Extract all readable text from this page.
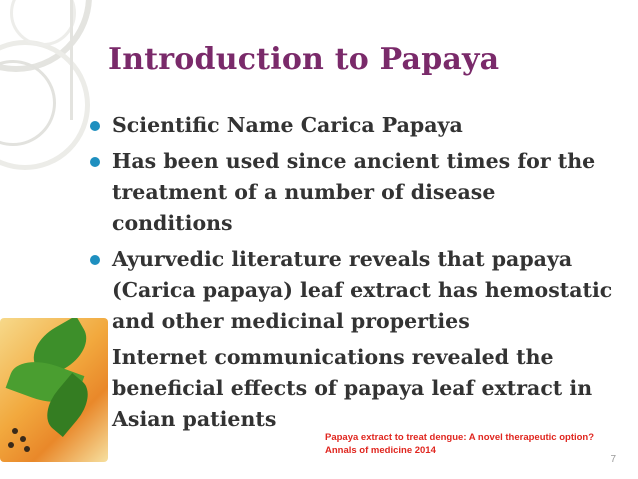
Introduction to Papaya
Scientific Name Carica Papaya
Has been used since ancient times for the treatment of a number of disease conditions
Ayurvedic literature reveals that papaya (Carica papaya) leaf extract has hemostatic and other medicinal properties
Internet communications revealed the beneficial effects of papaya leaf extract in Asian patients
Papaya extract to treat dengue: A novel therapeutic option? Annals of medicine 2014
7
